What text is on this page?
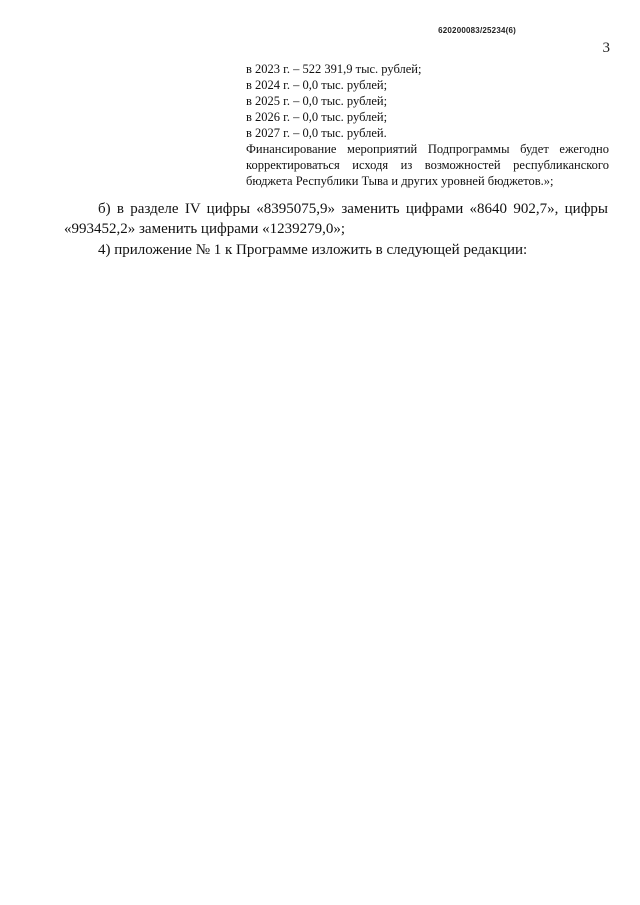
620200083/25234(6)
3
в 2023 г. – 522 391,9 тыс. рублей;
в 2024 г. – 0,0 тыс. рублей;
в 2025 г. – 0,0 тыс. рублей;
в 2026 г. – 0,0 тыс. рублей;
в 2027 г. – 0,0 тыс. рублей.
Финансирование мероприятий Подпрограммы будет ежегодно корректироваться исходя из возможностей республиканского бюджета Республики Тыва и других уровней бюджетов.»;
б) в разделе IV цифры «8395075,9» заменить цифрами «8640 902,7», цифры «993452,2» заменить цифрами «1239279,0»;
4) приложение № 1 к Программе изложить в следующей редакции:
